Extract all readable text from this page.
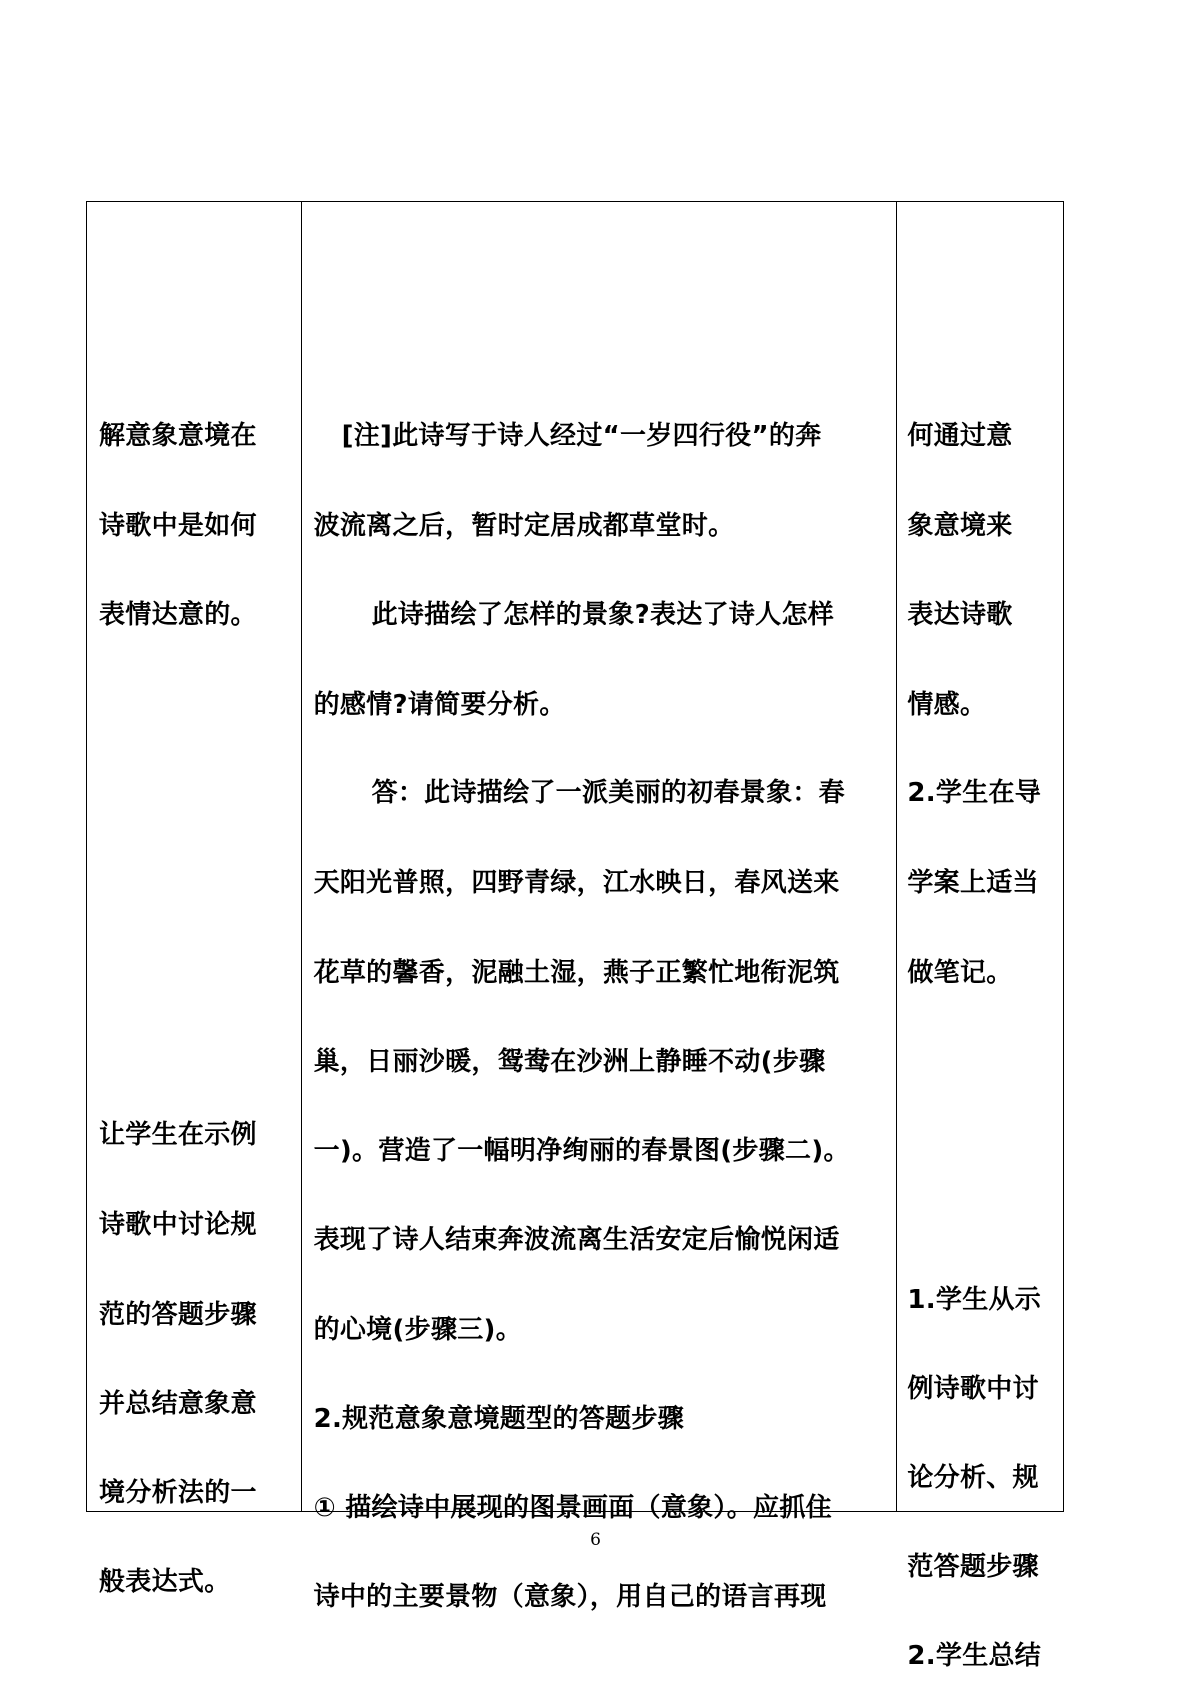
解意象意境在
诗歌中是如何
表情达意的。
让学生在示例
诗歌中讨论规
范的答题步骤
并总结意象意
境分析法的一
般表达式。
[注]此诗写于诗人经过“一岁四行役”的奔
波流离之后，暂时定居成都草堂时。
此诗描绘了怎样的景象?表达了诗人怎样
的感情?请简要分析。
答：此诗描绘了一派美丽的初春景象：春
天阳光普照，四野青绿，江水映日，春风送来
花草的馨香，泥融土湿，燕子正繁忙地衔泥筑
巢，日丽沙暖，鸳鸯在沙洲上静睡不动(步骤
一)。营造了一幅明净绚丽的春景图(步骤二)。
表现了诗人结束奔波流离生活安定后愉悦闲适
的心境(步骤三)。
2.规范意象意境题型的答题步骤
① 描绘诗中展现的图景画面（意象）。应抓住
诗中的主要景物（意象），用自己的语言再现
何通过意
象意境来
表达诗歌
情感。
2.学生在导
学案上适当
做笔记。
1.学生从示
例诗歌中讨
论分析、规
范答题步骤
2.学生总结
6
